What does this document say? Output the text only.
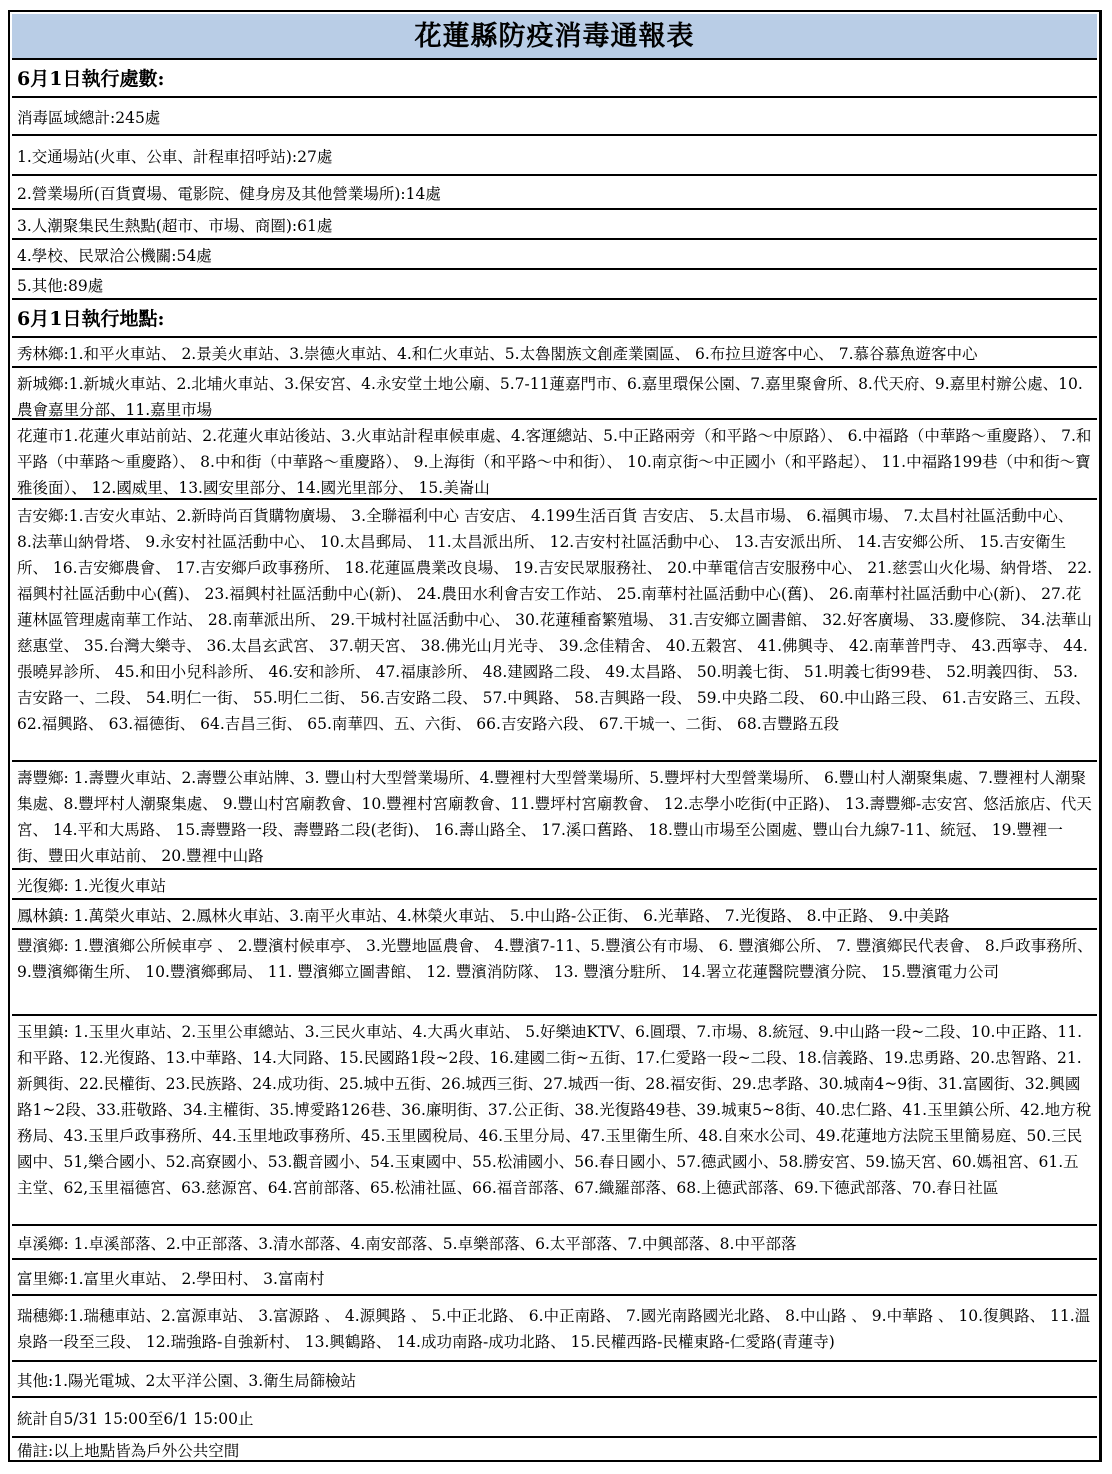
花蓮縣防疫消毒通報表
6月1日執行處數:
消毒區域總計:245處
1.交通場站(火車、公車、計程車招呼站):27處
2.營業場所(百貨賣場、電影院、健身房及其他營業場所):14處
3.人潮聚集民生熱點(超市、市場、商圈):61處
4.學校、民眾洽公機關:54處
5.其他:89處
6月1日執行地點:
秀林鄉:1.和平火車站、 2.景美火車站、3.崇德火車站、4.和仁火車站、5.太魯閣族文創產業園區、 6.布拉旦遊客中心、 7.慕谷慕魚遊客中心
新城鄉:1.新城火車站、2.北埔火車站、3.保安宮、4.永安堂土地公廟、5.7-11蓮嘉門市、6.嘉里環保公園、7.嘉里聚會所、8.代天府、9.嘉里村辦公處、10.農會嘉里分部、11.嘉里市場
花蓮市1.花蓮火車站前站、2.花蓮火車站後站、3.火車站計程車候車處、4.客運總站、5.中正路兩旁（和平路～中原路）、 6.中福路（中華路～重慶路）、 7.和平路（中華路～重慶路）、 8.中和街（中華路～重慶路）、 9.上海街（和平路～中和街）、 10.南京街～中正國小（和平路起）、 11.中福路199巷（中和街～寶雅後面）、 12.國威里、13.國安里部分、14.國光里部分、 15.美崙山
吉安鄉:1.吉安火車站、2.新時尚百貨購物廣場、 3.全聯福利中心 吉安店、 4.199生活百貨 吉安店、 5.太昌市場、 6.福興市場、 7.太昌村社區活動中心、 8.法華山納骨塔、 9.永安村社區活動中心、 10.太昌郵局、 11.太昌派出所、 12.吉安村社區活動中心、 13.吉安派出所、 14.吉安鄉公所、 15.吉安衛生所、 16.吉安鄉農會、 17.吉安鄉戶政事務所、 18.花蓮區農業改良場、 19.吉安民眾服務社、 20.中華電信吉安服務中心、 21.慈雲山火化場、納骨塔、 22.福興村社區活動中心(舊)、 23.福興村社區活動中心(新)、 24.農田水利會吉安工作站、 25.南華村社區活動中心(舊)、 26.南華村社區活動中心(新)、 27.花蓮林區管理處南華工作站、 28.南華派出所、 29.干城村社區活動中心、 30.花蓮種畜繁殖場、 31.吉安鄉立圖書館、 32.好客廣場、 33.慶修院、 34.法華山慈惠堂、 35.台灣大樂寺、 36.太昌玄武宮、 37.朝天宮、 38.佛光山月光寺、 39.念佳精舍、 40.五穀宮、 41.佛興寺、 42.南華普門寺、 43.西寧寺、 44.張曉昇診所、 45.和田小兒科診所、 46.安和診所、 47.福康診所、 48.建國路二段、 49.太昌路、 50.明義七街、 51.明義七街99巷、 52.明義四街、 53.吉安路一、二段、 54.明仁一街、 55.明仁二街、 56.吉安路二段、 57.中興路、 58.吉興路一段、 59.中央路二段、 60.中山路三段、 61.吉安路三、五段、 62.福興路、 63.福德街、 64.吉昌三街、 65.南華四、五、六街、 66.吉安路六段、 67.干城一、二街、 68.吉豐路五段
壽豐鄉: 1.壽豐火車站、2.壽豐公車站牌、3. 豐山村大型營業場所、4.豐裡村大型營業場所、5.豐坪村大型營業場所、 6.豐山村人潮聚集處、7.豐裡村人潮聚集處、8.豐坪村人潮聚集處、 9.豐山村宮廟教會、10.豐裡村宮廟教會、11.豐坪村宮廟教會、 12.志學小吃街(中正路)、 13.壽豐鄉-志安宮、悠活旅店、代天宮、 14.平和大馬路、 15.壽豐路一段、壽豐路二段(老街)、 16.壽山路全、 17.溪口舊路、 18.豐山市場至公園處、豐山台九線7-11、統冠、 19.豐裡一街、豐田火車站前、 20.豐裡中山路
光復鄉: 1.光復火車站
鳳林鎮: 1.萬榮火車站、2.鳳林火車站、3.南平火車站、4.林榮火車站、 5.中山路-公正街、 6.光華路、 7.光復路、 8.中正路、 9.中美路
豐濱鄉: 1.豐濱鄉公所候車亭 、 2.豐濱村候車亭、 3.光豐地區農會、 4.豐濱7-11、5.豐濱公有市場、 6. 豐濱鄉公所、 7. 豐濱鄉民代表會、 8.戶政事務所、 9.豐濱鄉衛生所、 10.豐濱鄉郵局、 11. 豐濱鄉立圖書館、 12. 豐濱消防隊、 13. 豐濱分駐所、 14.署立花蓮醫院豐濱分院、 15.豐濱電力公司
玉里鎮: 1.玉里火車站、2.玉里公車總站、3.三民火車站、4.大禹火車站、 5.好樂迪KTV、6.圓環、7.市場、8.統冠、9.中山路一段~二段、10.中正路、11.和平路、12.光復路、13.中華路、14.大同路、15.民國路1段~2段、16.建國二街~五街、17.仁愛路一段~二段、18.信義路、19.忠勇路、20.忠智路、21.新興街、22.民權街、23.民族路、24.成功街、25.城中五街、26.城西三街、27.城西一街、28.福安街、29.忠孝路、30.城南4~9街、31.富國街、32.興國路1~2段、33.莊敬路、34.主權街、35.博愛路126巷、36.廉明街、37.公正街、38.光復路49巷、39.城東5~8街、40.忠仁路、41.玉里鎮公所、42.地方稅務局、43.玉里戶政事務所、44.玉里地政事務所、45.玉里國稅局、46.玉里分局、47.玉里衛生所、48.自來水公司、49.花蓮地方法院玉里簡易庭、50.三民國中、51,樂合國小、52.高寮國小、53.觀音國小、54.玉東國中、55.松浦國小、56.春日國小、57.德武國小、58.勝安宮、59.協天宮、60.媽祖宮、61.五主堂、62,玉里福德宮、63.慈源宮、64.宮前部落、65.松浦社區、66.福音部落、67.織羅部落、68.上德武部落、69.下德武部落、70.春日社區
卓溪鄉: 1.卓溪部落、2.中正部落、3.清水部落、4.南安部落、5.卓樂部落、6.太平部落、7.中興部落、8.中平部落
富里鄉:1.富里火車站、 2.學田村、 3.富南村
瑞穗鄉:1.瑞穗車站、2.富源車站、 3.富源路 、 4.源興路 、 5.中正北路、 6.中正南路、 7.國光南路國光北路、 8.中山路 、 9.中華路 、 10.復興路、 11.溫泉路一段至三段、 12.瑞強路-自強新村、 13.興鶴路、 14.成功南路-成功北路、 15.民權西路-民權東路-仁愛路(青蓮寺)
其他:1.陽光電城、2太平洋公園、3.衛生局篩檢站
統計自5/31 15:00至6/1 15:00止
備註:以上地點皆為戶外公共空間
